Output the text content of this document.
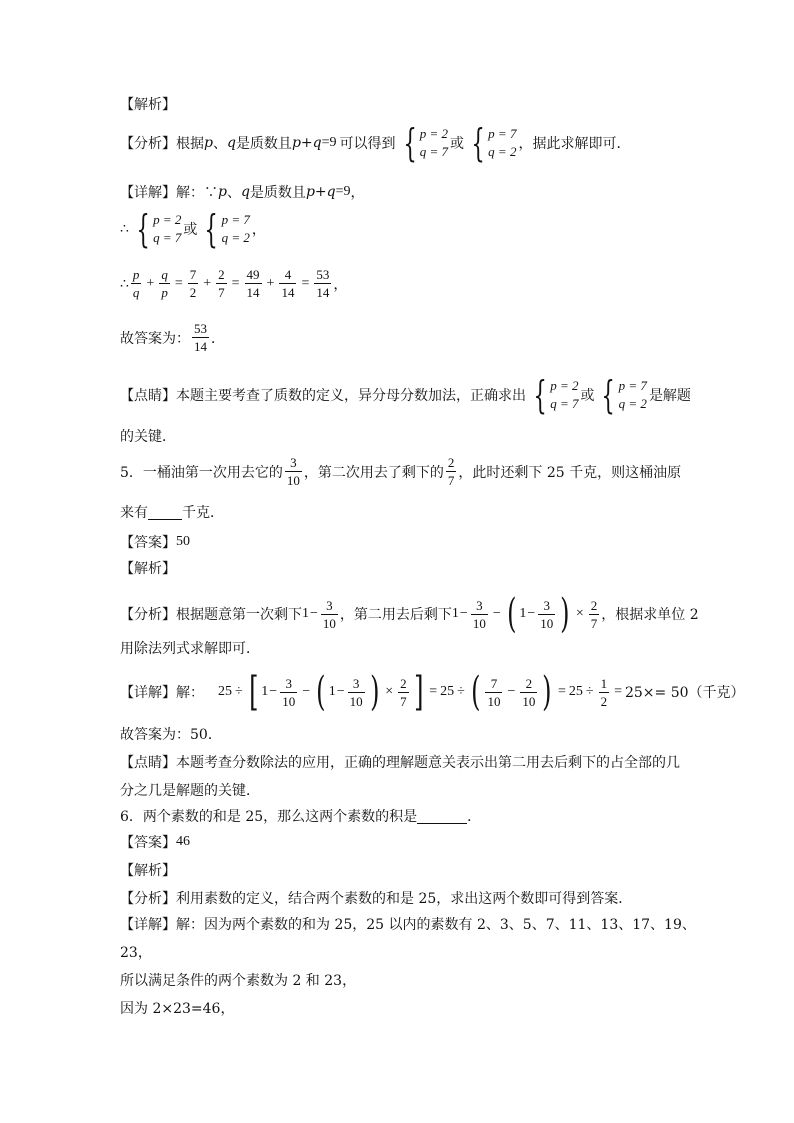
【解析】
【分析】 根据 p 、 q 是质数且 p + q =9 可以得到 { p = 2
q = 7 或 { p = 7
q = 2 ，据此求解即可．
【详解】 解：∵ p 、 q 是质数且 p + q =9 ，
∴ { p = 2
q = 7 或 { p = 7
q = 2 ，
∴ $\frac{p}{q} + \frac{q}{p} = \frac{7}{2} + \frac{2}{7} = \frac{49}{14} + \frac{4}{14} = \frac{53}{14}$ ，
故答案为： $\frac{53}{14}$ ．
【点睛】 本题主要考查了质数的定义，异分母分数加法，正确求出 { p = 2
q = 7 或 { p = 7
q = 2 是解题
的关键．
5．一桶油第一次用去它的 $\frac{3}{10}$ ，第二次用去了剩下的 $\frac{2}{7}$ ，此时还剩下 25 千克，则这桶油原
来有 千克．
【答案】 50
【解析】
【分析】 根据题意第一次剩下 $1 - \frac{3}{10}$ ，第二用去后剩下 $1 - \frac{3}{10}$ − ( $1 - \frac{3}{10}$ ) × $\frac{2}{7}$ ，根据求单位 2
用除法列式求解即可．
【详解】 解： 25 ÷ [ $1 - \frac{3}{10}$ − ( $1 - \frac{3}{10}$ ) × $\frac{2}{7}$ ] = 25 ÷ ( $\frac{7}{10} - \frac{2}{10}$ ) = $25 \div \frac{1}{2} = 25\times= 50$（千克）
故答案为：50．
【点睛】 本题考查分数除法的应用，正确的理解题意关表示出第二用去后剩下的占全部的几
分之几是解题的关键．
6．两个素数的和是 25，那么这两个素数的积是	．
【答案】 46
【解析】
【分析】 利用素数的定义，结合两个素数的和是 25，求出这两个数即可得到答案．
【详解】 解：因为两个素数的和为 25，25 以内的素数有 2、3、5、7、11、13、17、19、
23，
所以满足条件的两个素数为 2 和 23，
因为 2×23=46，
